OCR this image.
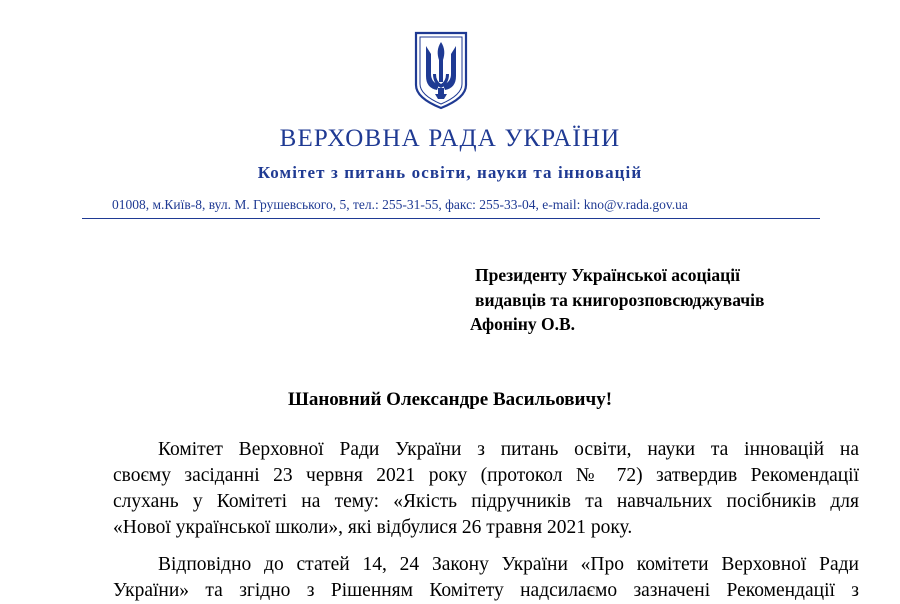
ВЕРХОВНА РАДА УКРАЇНИ
Комітет з питань освіти, науки та інновацій
01008, м.Київ-8, вул. М. Грушевського, 5, тел.: 255-31-55, факс: 255-33-04, e-mail: kno@v.rada.gov.ua
Президенту Української асоціації
видавців та книгорозповсюджувачів
Афоніну О.В.
Шановний Олександре Васильовичу!
Комітет Верховної Ради України з питань освіти, науки та інновацій на
своєму засіданні 23 червня 2021 року (протокол № 72) затвердив Рекомендації
слухань у Комітеті на тему: «Якість підручників та навчальних посібників для
«Нової української школи», які відбулися 26 травня 2021 року.
Відповідно до статей 14, 24 Закону України «Про комітети Верховної Ради
України» та згідно з Рішенням Комітету надсилаємо зазначені Рекомендації з
